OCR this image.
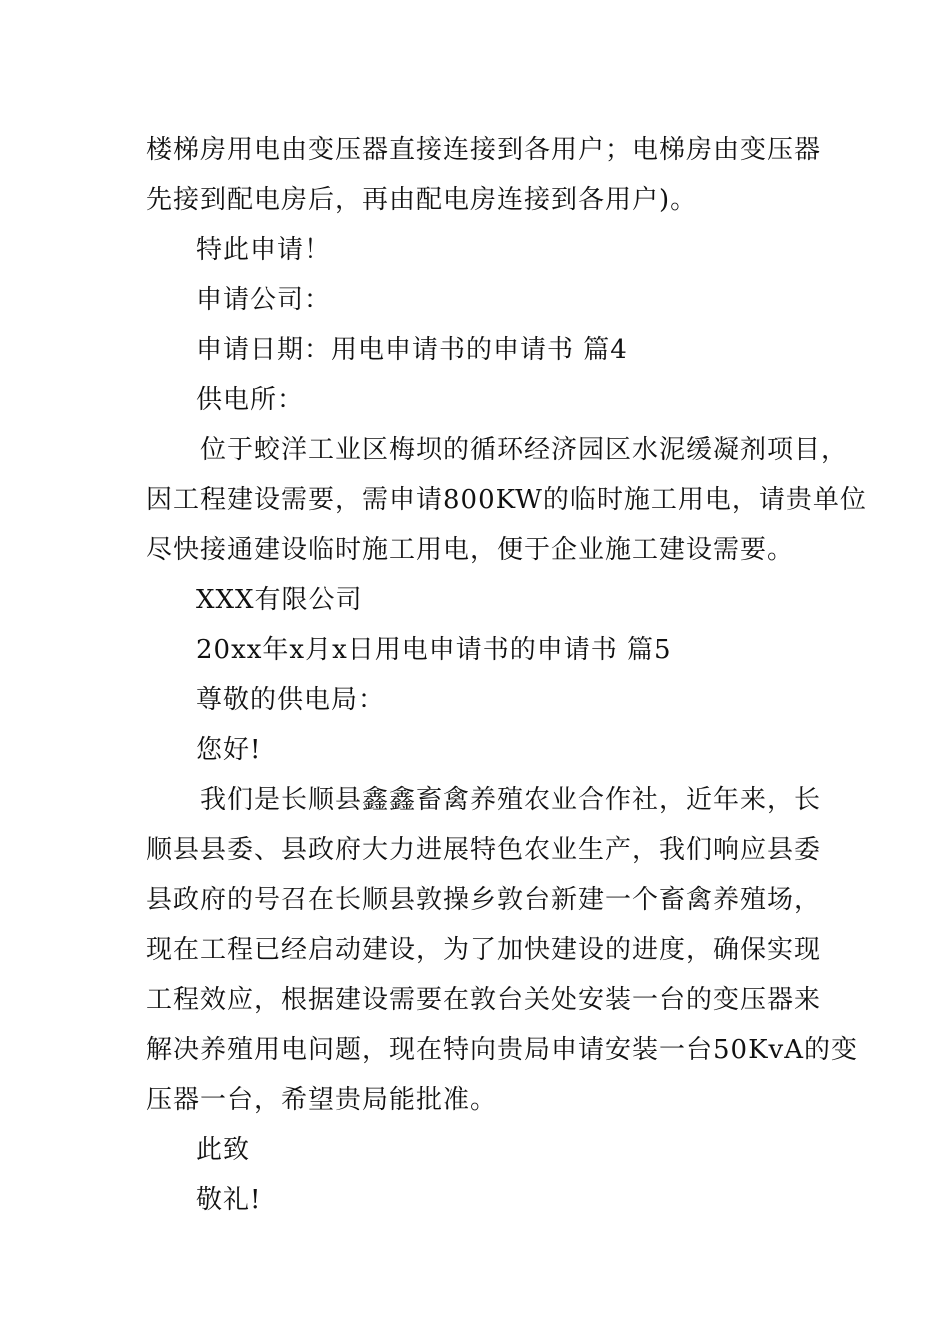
楼梯房用电由变压器直接连接到各用户；电梯房由变压器
先接到配电房后，再由配电房连接到各用户)。
特此申请！
申请公司：
申请日期：用电申请书的申请书 篇4
供电所：
位于蛟洋工业区梅坝的循环经济园区水泥缓凝剂项目，
因工程建设需要，需申请800KW的临时施工用电，请贵单位
尽快接通建设临时施工用电，便于企业施工建设需要。
XXX有限公司
20xx年x月x日用电申请书的申请书 篇5
尊敬的供电局：
您好!
我们是长顺县鑫鑫畜禽养殖农业合作社，近年来，长
顺县县委、县政府大力进展特色农业生产，我们响应县委
县政府的号召在长顺县敦操乡敦台新建一个畜禽养殖场，
现在工程已经启动建设，为了加快建设的进度，确保实现
工程效应，根据建设需要在敦台关处安装一台的变压器来
解决养殖用电问题，现在特向贵局申请安装一台50KvA的变
压器一台，希望贵局能批准。
此致
敬礼!
